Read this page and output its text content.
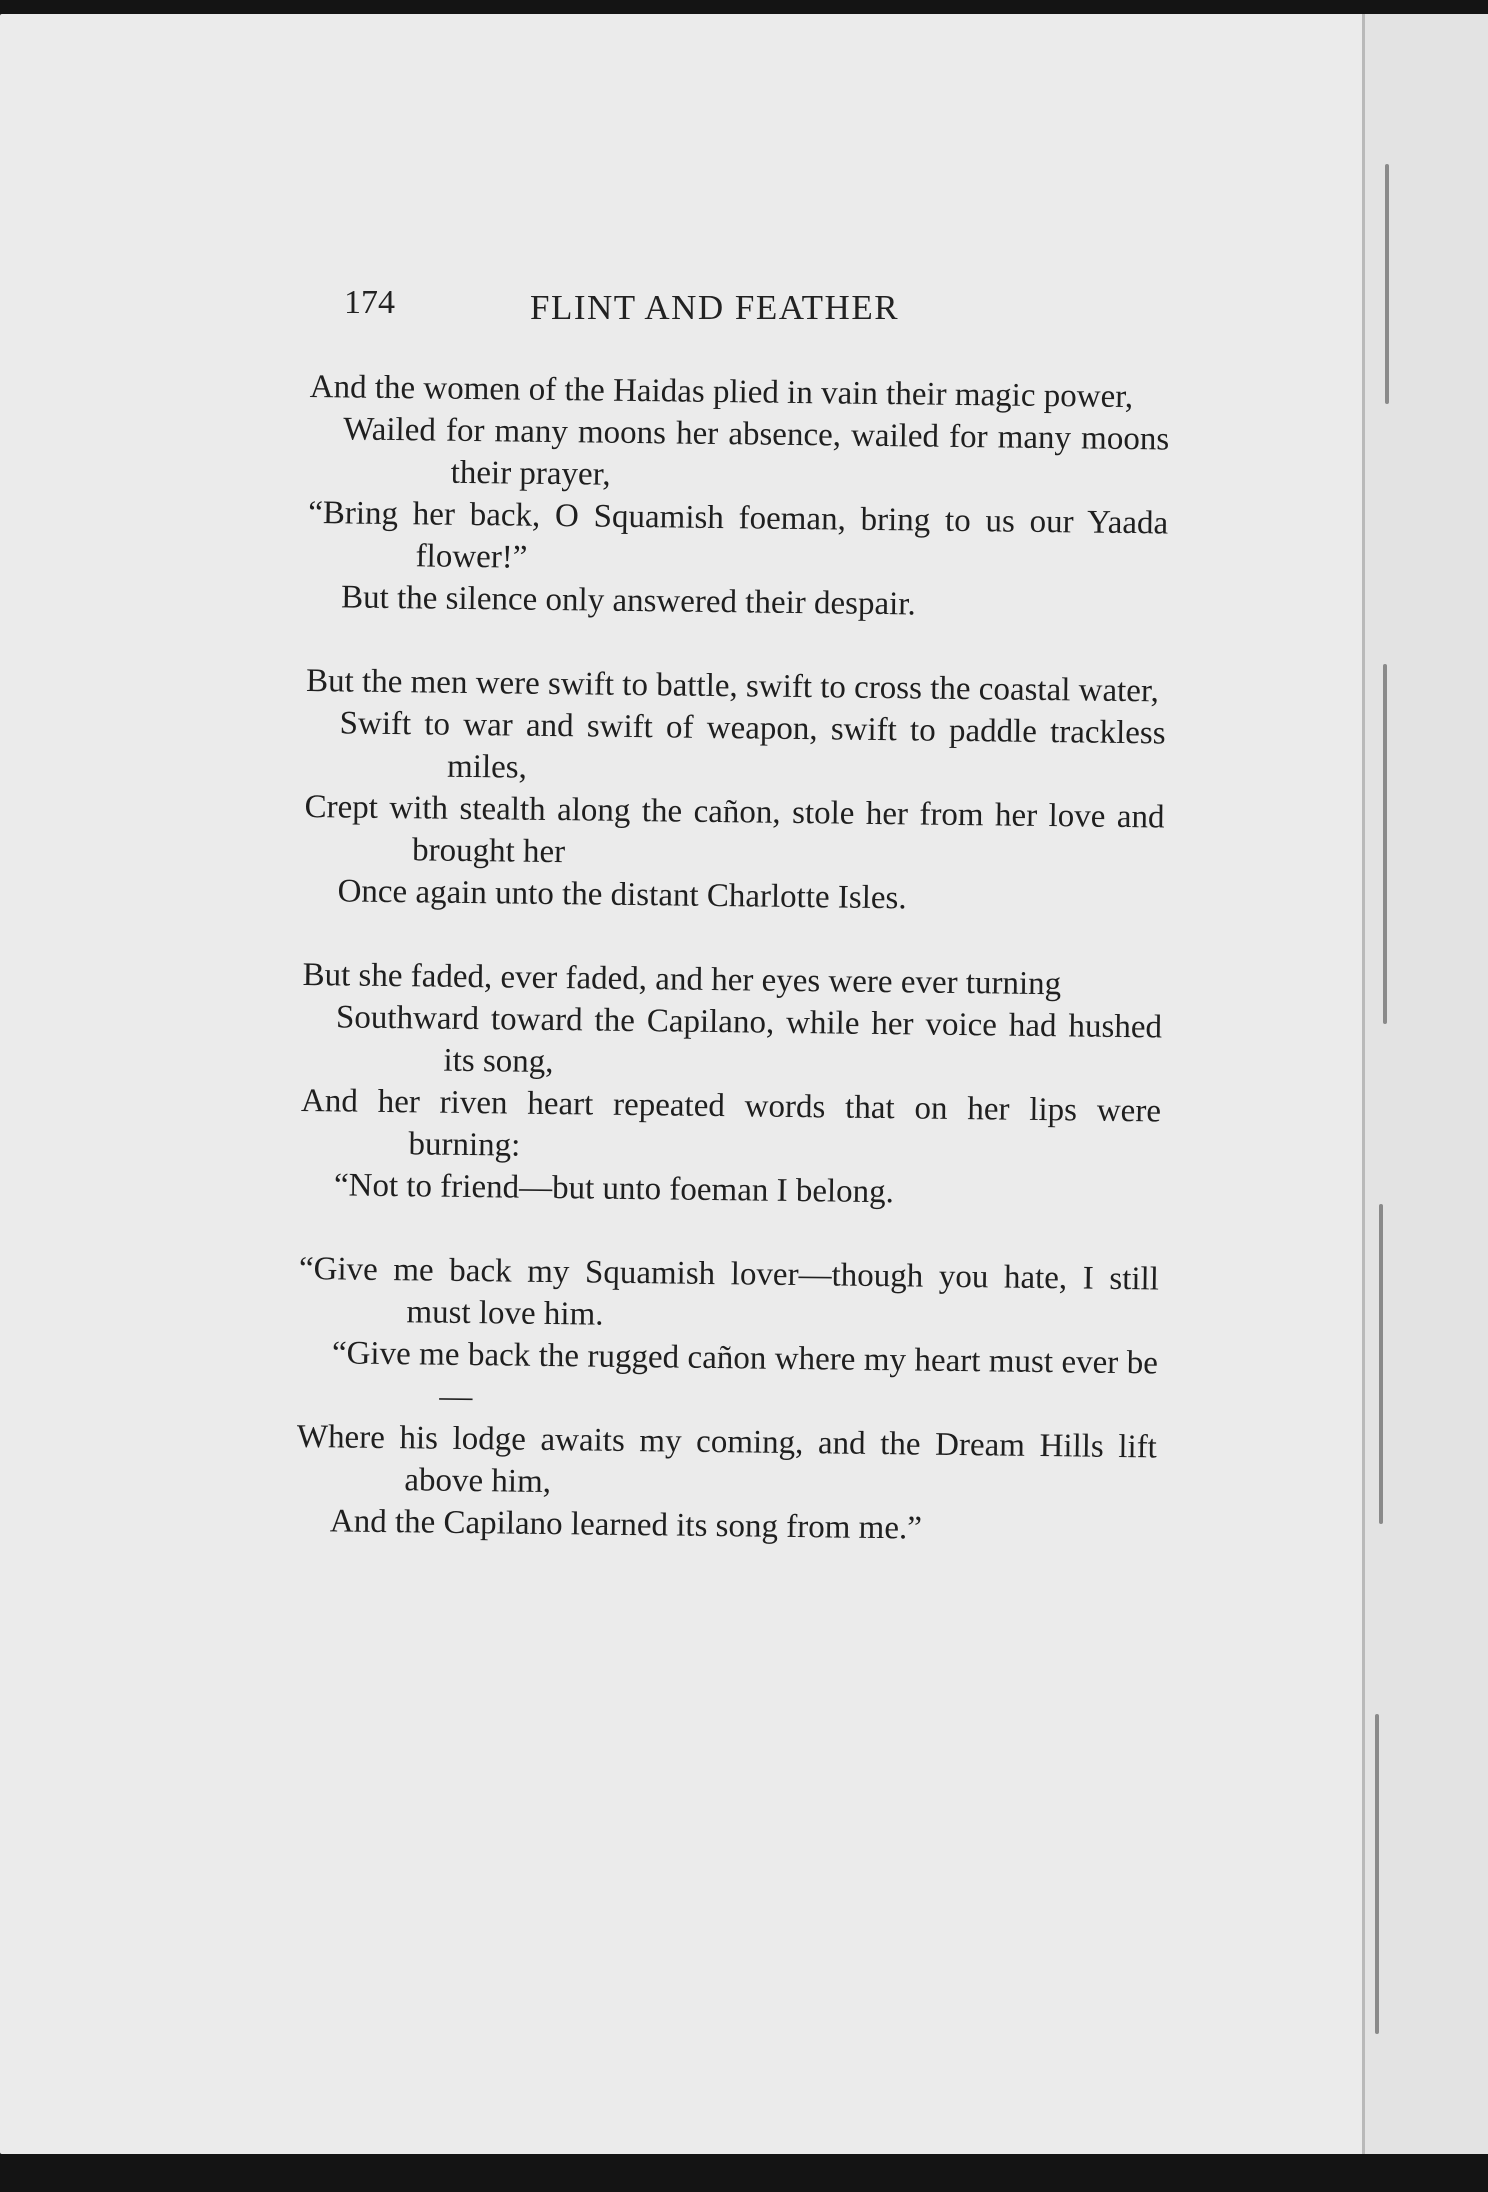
174	FLINT AND FEATHER
And the women of the Haidas plied in vain their magic power,
Wailed for many moons her absence, wailed for many moons their prayer,
“Bring her back, O Squamish foeman, bring to us our Yaada flower!”
But the silence only answered their despair.
But the men were swift to battle, swift to cross the coastal water,
Swift to war and swift of weapon, swift to paddle trackless miles,
Crept with stealth along the cañon, stole her from her love and brought her
Once again unto the distant Charlotte Isles.
But she faded, ever faded, and her eyes were ever turning
Southward toward the Capilano, while her voice had hushed its song,
And her riven heart repeated words that on her lips were burning:
“Not to friend—but unto foeman I belong.
“Give me back my Squamish lover—though you hate, I still must love him.
“Give me back the rugged cañon where my heart must ever be—
Where his lodge awaits my coming, and the Dream Hills lift above him,
And the Capilano learned its song from me.”
